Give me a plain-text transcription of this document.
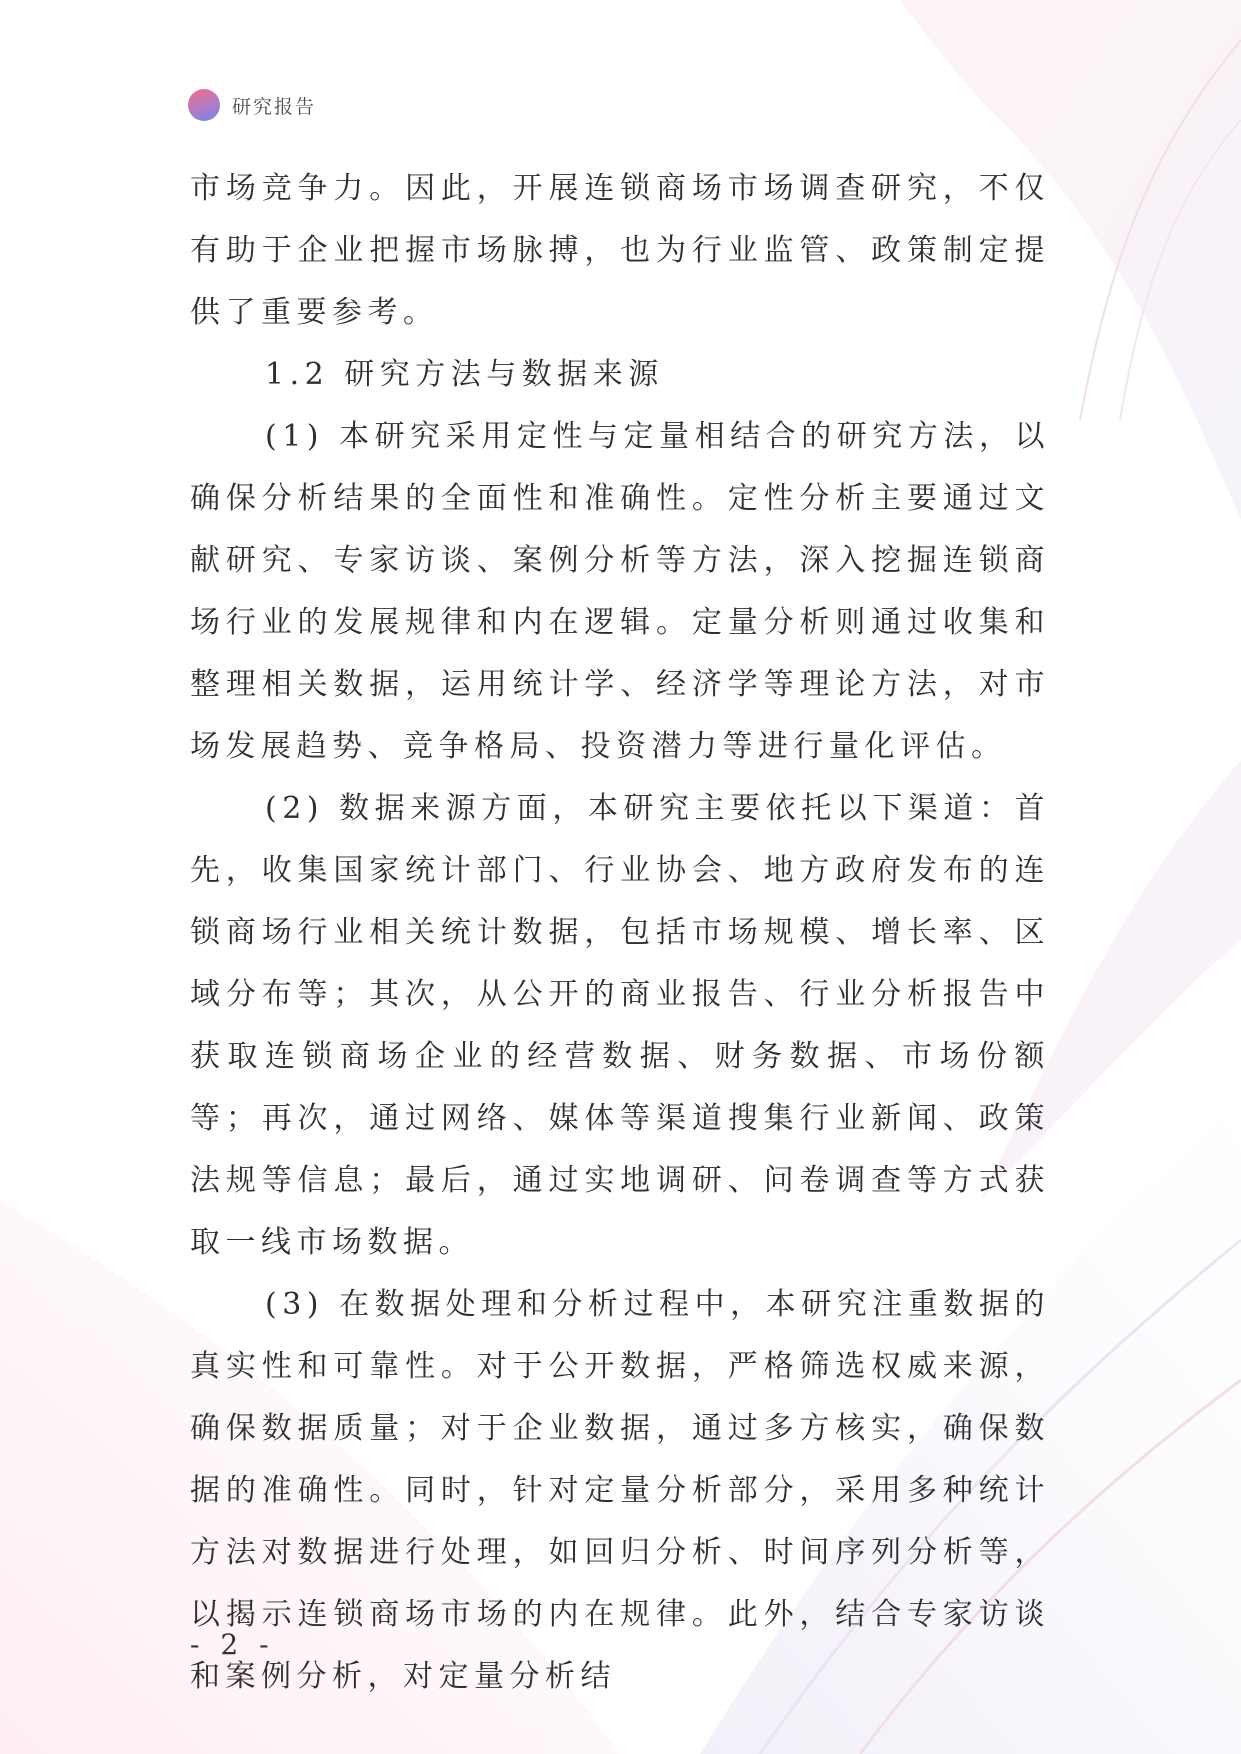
研究报告

市场竞争力。因此，开展连锁商场市场调查研究，不仅有助于企业把握市场脉搏，也为行业监管、政策制定提供了重要参考。

1.2 研究方法与数据来源

(1) 本研究采用定性与定量相结合的研究方法，以确保分析结果的全面性和准确性。定性分析主要通过文献研究、专家访谈、案例分析等方法，深入挖掘连锁商场行业的发展规律和内在逻辑。定量分析则通过收集和整理相关数据，运用统计学、经济学等理论方法，对市场发展趋势、竞争格局、投资潜力等进行量化评估。

(2) 数据来源方面，本研究主要依托以下渠道：首先，收集国家统计部门、行业协会、地方政府发布的连锁商场行业相关统计数据，包括市场规模、增长率、区域分布等；其次，从公开的商业报告、行业分析报告中获取连锁商场企业的经营数据、财务数据、市场份额等；再次，通过网络、媒体等渠道搜集行业新闻、政策法规等信息；最后，通过实地调研、问卷调查等方式获取一线市场数据。

(3) 在数据处理和分析过程中，本研究注重数据的真实性和可靠性。对于公开数据，严格筛选权威来源，确保数据质量；对于企业数据，通过多方核实，确保数据的准确性。同时，针对定量分析部分，采用多种统计方法对数据进行处理，如回归分析、时间序列分析等，以揭示连锁商场市场的内在规律。此外，结合专家访谈和案例分析，对定量分析结

- 2 -
